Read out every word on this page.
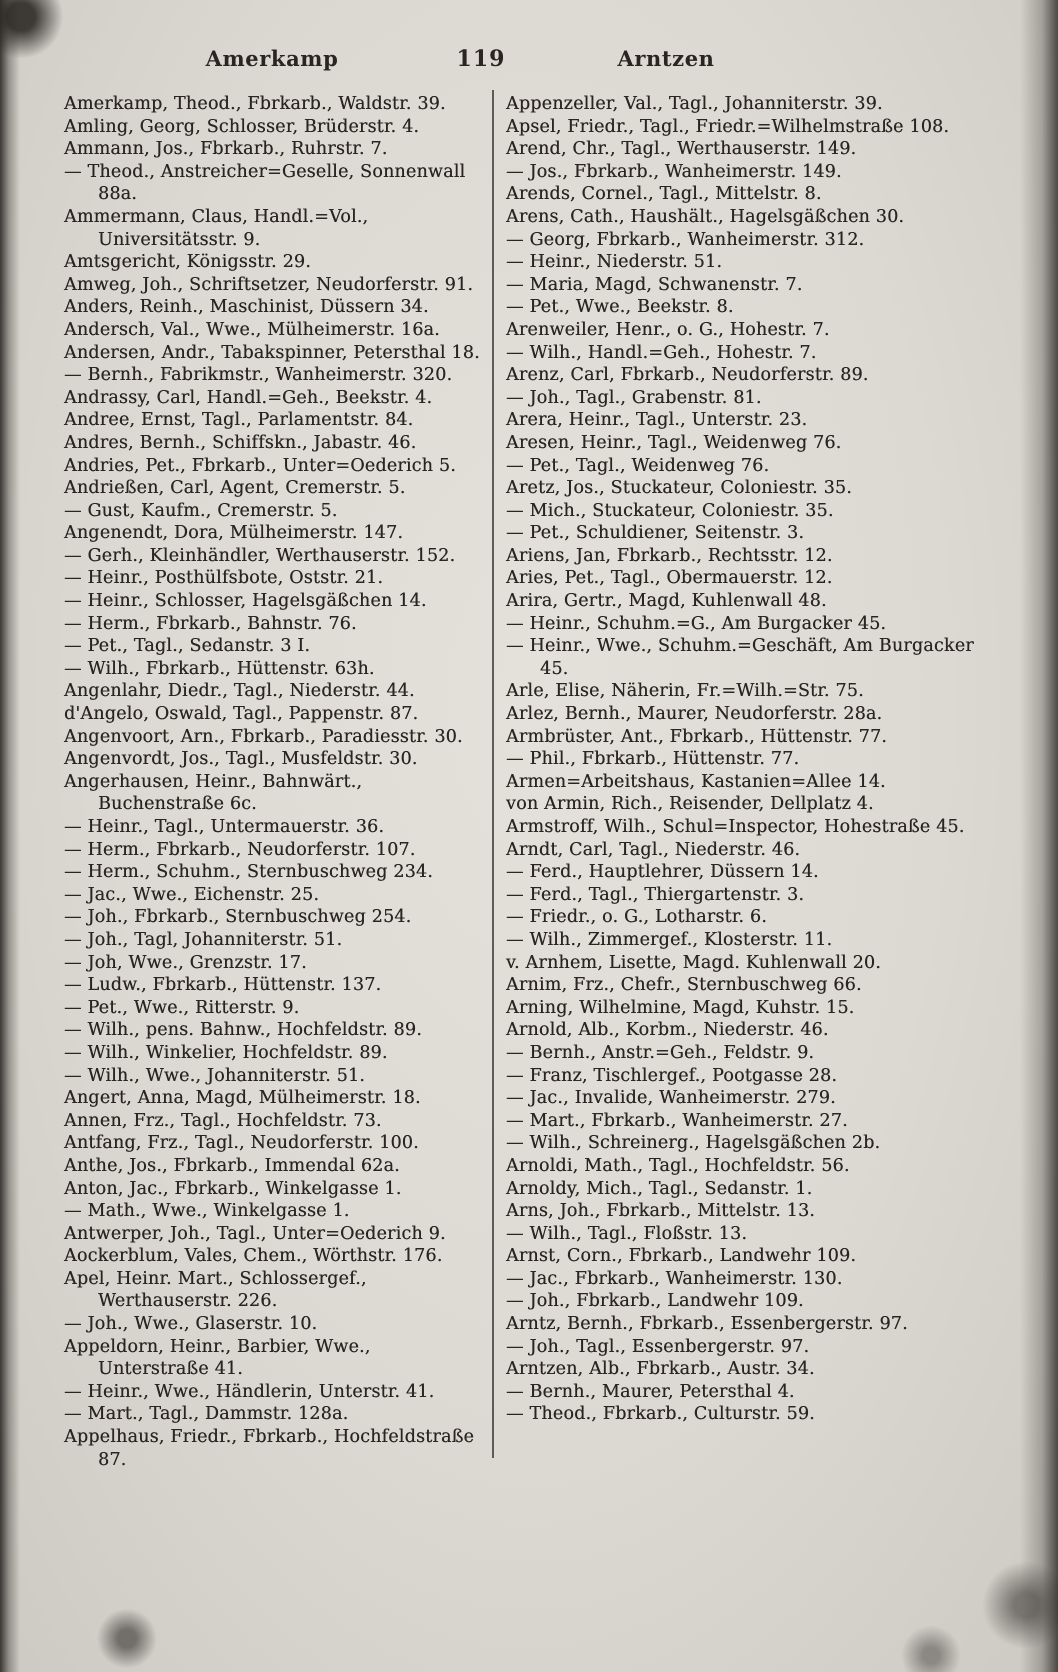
Amerkamp	119	Arntzen

Amerkamp, Theod., Fbrkarb., Waldstr. 39.

Amling, Georg, Schlosser, Brüderstr. 4.

Ammann, Jos., Fbrkarb., Ruhrstr. 7.

— Theod., Anstreicher=Geselle, Sonnenwall 88a.

Ammermann, Claus, Handl.=Vol., Universitätsstr. 9.

Amtsgericht, Königsstr. 29.

Amweg, Joh., Schriftsetzer, Neudorferstr. 91.

Anders, Reinh., Maschinist, Düssern 34.

Andersch, Val., Wwe., Mülheimerstr. 16a.

Andersen, Andr., Tabakspinner, Petersthal 18.

— Bernh., Fabrikmstr., Wanheimerstr. 320.

Andrassy, Carl, Handl.=Geh., Beekstr. 4.

Andree, Ernst, Tagl., Parlamentstr. 84.

Andres, Bernh., Schiffskn., Jabastr. 46.

Andries, Pet., Fbrkarb., Unter=Oederich 5.

Andrießen, Carl, Agent, Cremerstr. 5.

— Gust, Kaufm., Cremerstr. 5.

Angenendt, Dora, Mülheimerstr. 147.

— Gerh., Kleinhändler, Werthauserstr. 152.

— Heinr., Posthülfsbote, Oststr. 21.

— Heinr., Schlosser, Hagelsgäßchen 14.

— Herm., Fbrkarb., Bahnstr. 76.

— Pet., Tagl., Sedanstr. 3 I.

— Wilh., Fbrkarb., Hüttenstr. 63h.

Angenlahr, Diedr., Tagl., Niederstr. 44.

d'Angelo, Oswald, Tagl., Pappenstr. 87.

Angenvoort, Arn., Fbrkarb., Paradiesstr. 30.

Angenvordt, Jos., Tagl., Musfeldstr. 30.

Angerhausen, Heinr., Bahnwärt., Buchenstraße 6c.

— Heinr., Tagl., Untermauerstr. 36.

— Herm., Fbrkarb., Neudorferstr. 107.

— Herm., Schuhm., Sternbuschweg 234.

— Jac., Wwe., Eichenstr. 25.

— Joh., Fbrkarb., Sternbuschweg 254.

— Joh., Tagl, Johanniterstr. 51.

— Joh, Wwe., Grenzstr. 17.

— Ludw., Fbrkarb., Hüttenstr. 137.

— Pet., Wwe., Ritterstr. 9.

— Wilh., pens. Bahnw., Hochfeldstr. 89.

— Wilh., Winkelier, Hochfeldstr. 89.

— Wilh., Wwe., Johanniterstr. 51.

Angert, Anna, Magd, Mülheimerstr. 18.

Annen, Frz., Tagl., Hochfeldstr. 73.

Antfang, Frz., Tagl., Neudorferstr. 100.

Anthe, Jos., Fbrkarb., Immendal 62a.

Anton, Jac., Fbrkarb., Winkelgasse 1.

— Math., Wwe., Winkelgasse 1.

Antwerper, Joh., Tagl., Unter=Oederich 9.

Aockerblum, Vales, Chem., Wörthstr. 176.

Apel, Heinr. Mart., Schlossergef., Werthauserstr. 226.

— Joh., Wwe., Glaserstr. 10.

Appeldorn, Heinr., Barbier, Wwe., Unterstraße 41.

— Heinr., Wwe., Händlerin, Unterstr. 41.

— Mart., Tagl., Dammstr. 128a.

Appelhaus, Friedr., Fbrkarb., Hochfeldstraße 87.

Appenzeller, Val., Tagl., Johanniterstr. 39.

Apsel, Friedr., Tagl., Friedr.=Wilhelmstraße 108.

Arend, Chr., Tagl., Werthauserstr. 149.

— Jos., Fbrkarb., Wanheimerstr. 149.

Arends, Cornel., Tagl., Mittelstr. 8.

Arens, Cath., Haushält., Hagelsgäßchen 30.

— Georg, Fbrkarb., Wanheimerstr. 312.

— Heinr., Niederstr. 51.

— Maria, Magd, Schwanenstr. 7.

— Pet., Wwe., Beekstr. 8.

Arenweiler, Henr., o. G., Hohestr. 7.

— Wilh., Handl.=Geh., Hohestr. 7.

Arenz, Carl, Fbrkarb., Neudorferstr. 89.

— Joh., Tagl., Grabenstr. 81.

Arera, Heinr., Tagl., Unterstr. 23.

Aresen, Heinr., Tagl., Weidenweg 76.

— Pet., Tagl., Weidenweg 76.

Aretz, Jos., Stuckateur, Coloniestr. 35.

— Mich., Stuckateur, Coloniestr. 35.

— Pet., Schuldiener, Seitenstr. 3.

Ariens, Jan, Fbrkarb., Rechtsstr. 12.

Aries, Pet., Tagl., Obermauerstr. 12.

Arira, Gertr., Magd, Kuhlenwall 48.

— Heinr., Schuhm.=G., Am Burgacker 45.

— Heinr., Wwe., Schuhm.=Geschäft, Am Burgacker 45.

Arle, Elise, Näherin, Fr.=Wilh.=Str. 75.

Arlez, Bernh., Maurer, Neudorferstr. 28a.

Armbrüster, Ant., Fbrkarb., Hüttenstr. 77.

— Phil., Fbrkarb., Hüttenstr. 77.

Armen=Arbeitshaus, Kastanien=Allee 14.

von Armin, Rich., Reisender, Dellplatz 4.

Armstroff, Wilh., Schul=Inspector, Hohestraße 45.

Arndt, Carl, Tagl., Niederstr. 46.

— Ferd., Hauptlehrer, Düssern 14.

— Ferd., Tagl., Thiergartenstr. 3.

— Friedr., o. G., Lotharstr. 6.

— Wilh., Zimmergef., Klosterstr. 11.

v. Arnhem, Lisette, Magd. Kuhlenwall 20.

Arnim, Frz., Chefr., Sternbuschweg 66.

Arning, Wilhelmine, Magd, Kuhstr. 15.

Arnold, Alb., Korbm., Niederstr. 46.

— Bernh., Anstr.=Geh., Feldstr. 9.

— Franz, Tischlergef., Pootgasse 28.

— Jac., Invalide, Wanheimerstr. 279.

— Mart., Fbrkarb., Wanheimerstr. 27.

— Wilh., Schreinerg., Hagelsgäßchen 2b.

Arnoldi, Math., Tagl., Hochfeldstr. 56.

Arnoldy, Mich., Tagl., Sedanstr. 1.

Arns, Joh., Fbrkarb., Mittelstr. 13.

— Wilh., Tagl., Floßstr. 13.

Arnst, Corn., Fbrkarb., Landwehr 109.

— Jac., Fbrkarb., Wanheimerstr. 130.

— Joh., Fbrkarb., Landwehr 109.

Arntz, Bernh., Fbrkarb., Essenbergerstr. 97.

— Joh., Tagl., Essenbergerstr. 97.

Arntzen, Alb., Fbrkarb., Austr. 34.

— Bernh., Maurer, Petersthal 4.

— Theod., Fbrkarb., Culturstr. 59.
